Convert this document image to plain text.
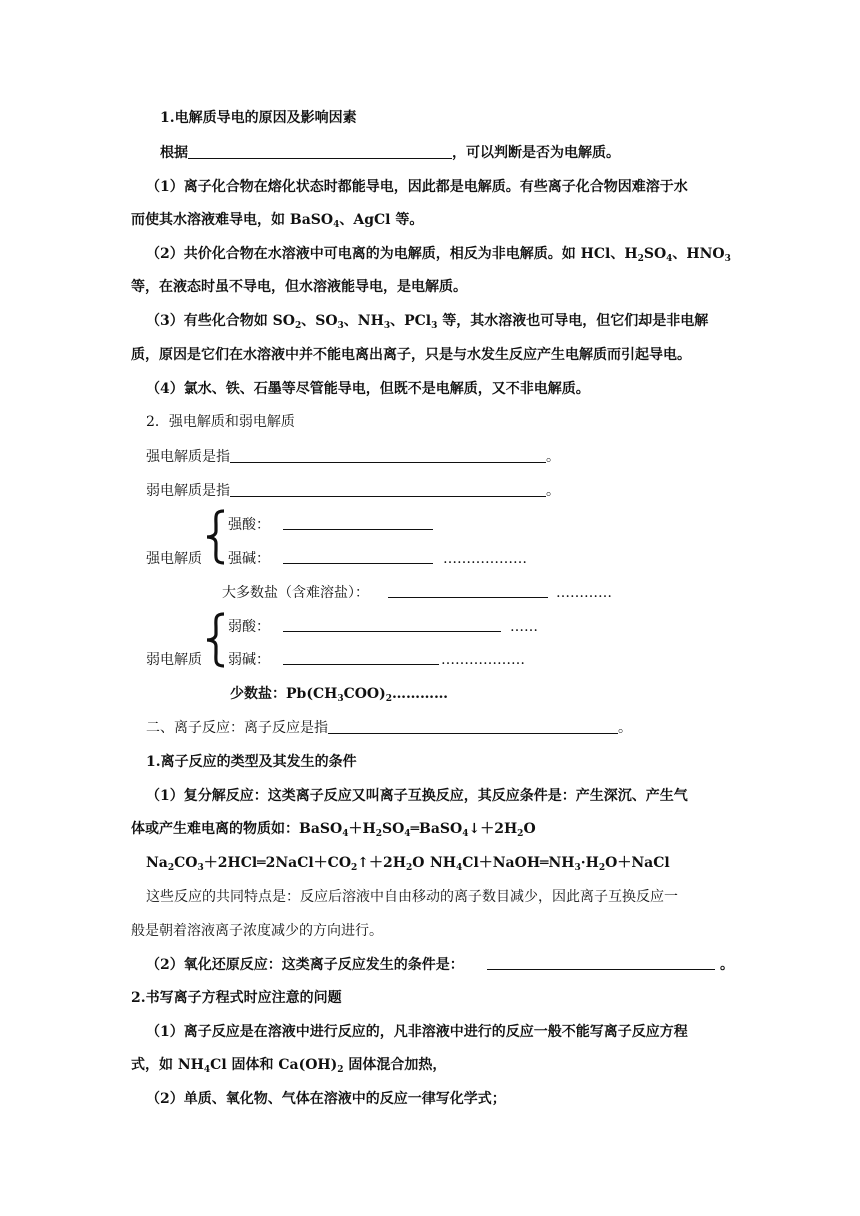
1.电解质导电的原因及影响因素
根据	，可以判断是否为电解质。
（1）离子化合物在熔化状态时都能导电，因此都是电解质。有些离子化合物因难溶于水
而使其水溶液难导电，如 BaSO$_4$、AgCl 等。
（2）共价化合物在水溶液中可电离的为电解质，相反为非电解质。如 HCl、$H_2SO_4$、$HNO_3$
等，在液态时虽不导电，但水溶液能导电，是电解质。
（3）有些化合物如 $SO_2$、$SO_3$、$NH_3$、PCl$_3$ 等，其水溶液也可导电，但它们却是非电解
质，原因是它们在水溶液中并不能电离出离子，只是与水发生反应产生电解质而引起导电。
（4）氯水、铁、石墨等尽管能导电，但既不是电解质，又不非电解质。
2．强电解质和弱电解质
强电解质是指	。
弱电解质是指	。
强酸：
强电解质 强碱：	………………
大多数盐（含难溶盐）：	…………
弱酸：	……
弱电解质 弱碱：	………………
少数盐：$Pb(CH_3COO)_2\dots\dots\dots\dots$
二、离子反应：离子反应是指	。
1.离子反应的类型及其发生的条件
（1）复分解反应：这类离子反应又叫离子互换反应，其反应条件是：产生深沉、产生气
体或产生难电离的物质如：$BaSO_4+H_2SO_4═BaSO_4↓+2H_2O$
$Na_2CO_3+2HCl═2NaCl+CO_2↑+2H_2O$ $NH_4Cl+NaOH═NH_3\cdot H_2O+NaCl$
这些反应的共同特点是：反应后溶液中自由移动的离子数目减少，因此离子互换反应一
般是朝着溶液离子浓度减少的方向进行。
（2）氧化还原反应：这类离子反应发生的条件是：	。
2.书写离子方程式时应注意的问题
（1）离子反应是在溶液中进行反应的，凡非溶液中进行的反应一般不能写离子反应方程
式，如 $NH_4Cl$ 固体和 $Ca(OH)_2$ 固体混合加热，
（2）单质、氧化物、气体在溶液中的反应一律写化学式；
